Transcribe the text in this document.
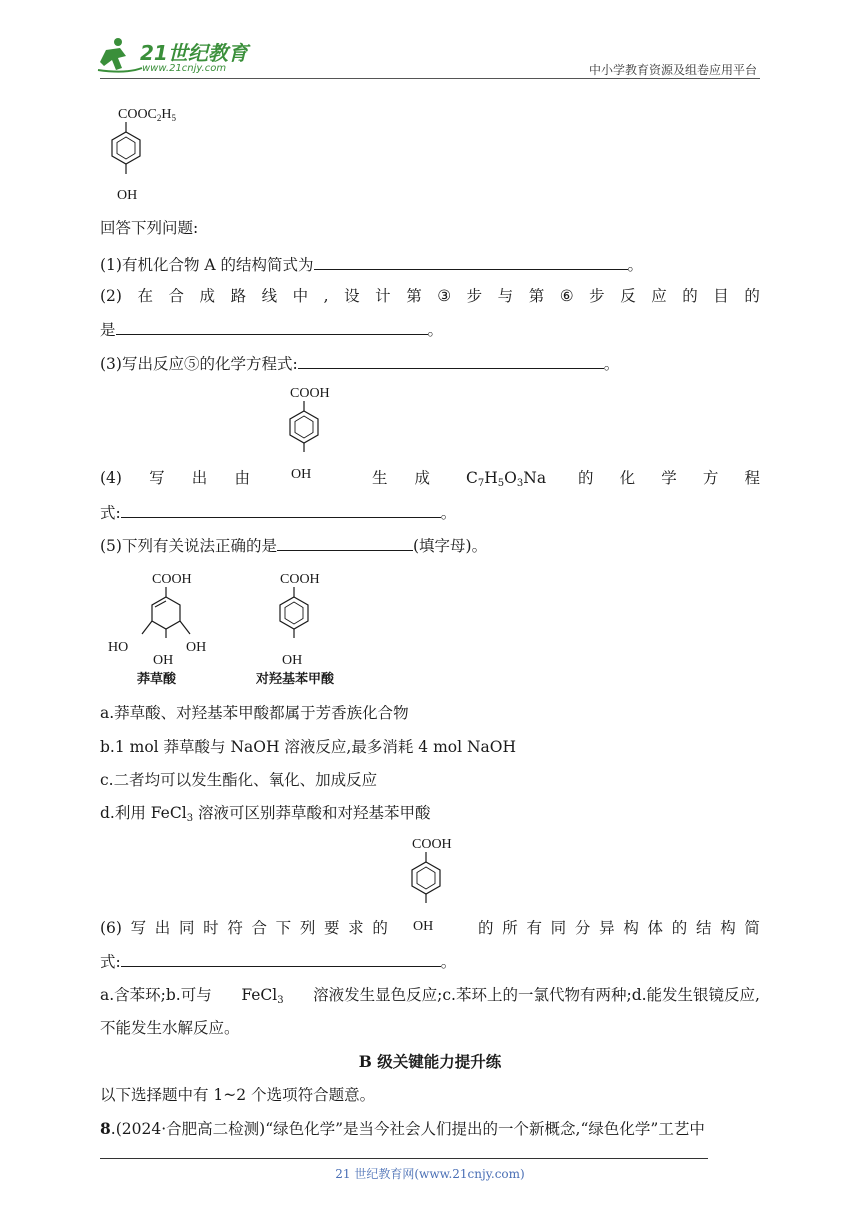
21世纪教育
www.21cnjy.com	中小学教育资源及组卷应用平台
$COOC_2H_5$
OH
回答下列问题:
(1)有机化合物 A 的结构简式为	。
(2) 在 合 成 路 线 中 , 设 计 第 ③ 步 与 第 ⑥ 步 反 应 的 目 的
是	。
(3)写出反应⑤的化学方程式:	。
COOH
OH
(4) 写 出 由	生 成 $C_7H_5O_3Na$ 的 化 学 方 程
式:	。
(5)下列有关说法正确的是	(填字母)。
COOH
HO	OH
OH
莽草酸
COOH
OH
对羟基苯甲酸
a.莽草酸、对羟基苯甲酸都属于芳香族化合物
b.1 mol 莽草酸与 NaOH 溶液反应,最多消耗 4 mol NaOH
c.二者均可以发生酯化、氧化、加成反应
d.利用 FeCl$_3$ 溶液可区别莽草酸和对羟基苯甲酸
COOH
OH
(6) 写 出 同 时 符 合 下 列 要 求 的	的 所 有 同 分 异 构 体 的 结 构 简
式:	。
a.含苯环;b.可与 FeCl$_3$ 溶液发生显色反应;c.苯环上的一氯代物有两种;d.能发生银镜反应,
不能发生水解反应。
B 级关键能力提升练
以下选择题中有 1~2 个选项符合题意。
8.(2024·合肥高二检测)“绿色化学”是当今社会人们提出的一个新概念,“绿色化学”工艺中
21 世纪教育网(www.21cnjy.com)
